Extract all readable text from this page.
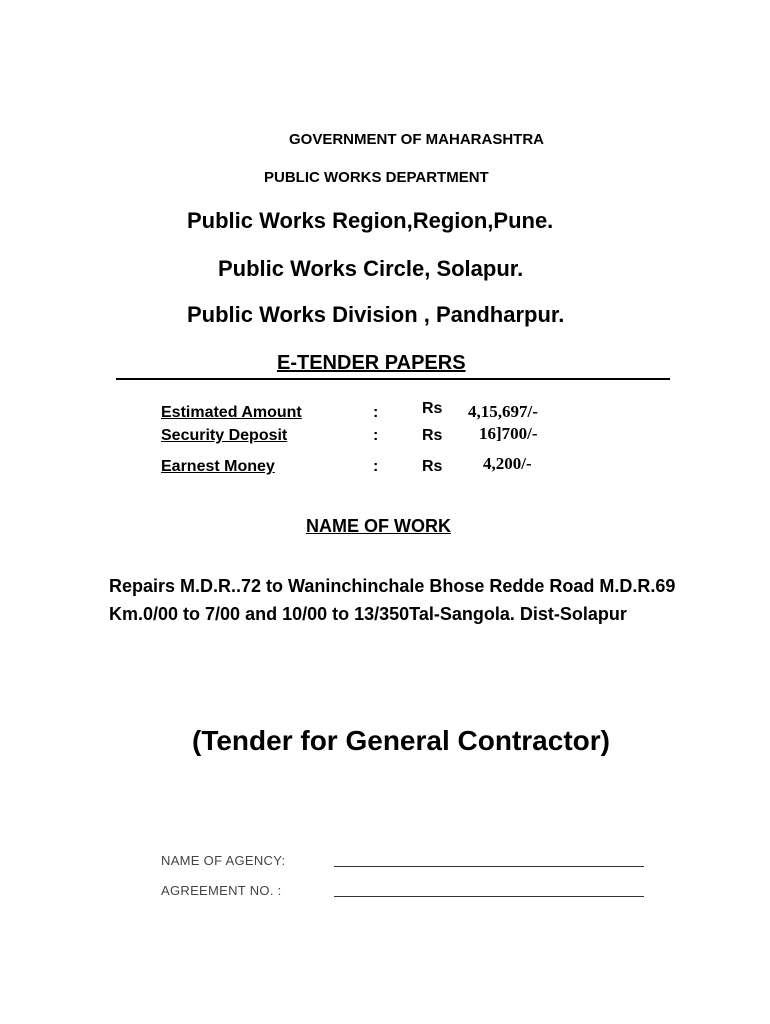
GOVERNMENT OF MAHARASHTRA
PUBLIC WORKS DEPARTMENT
Public Works Region,Region,Pune.
Public Works Circle, Solapur.
Public Works Division , Pandharpur.
E-TENDER PAPERS
Estimated Amount	:	Rs 4,15,697/-
Security Deposit	:	Rs 16]700/-
Earnest Money	:	Rs 4,200/-
NAME OF WORK
Repairs M.D.R..72 to Waninchinchale Bhose Redde Road M.D.R.69 Km.0/00 to 7/00 and 10/00 to 13/350Tal-Sangola. Dist-Solapur
(Tender for General Contractor)
NAME OF AGENCY:
AGREEMENT NO. :
